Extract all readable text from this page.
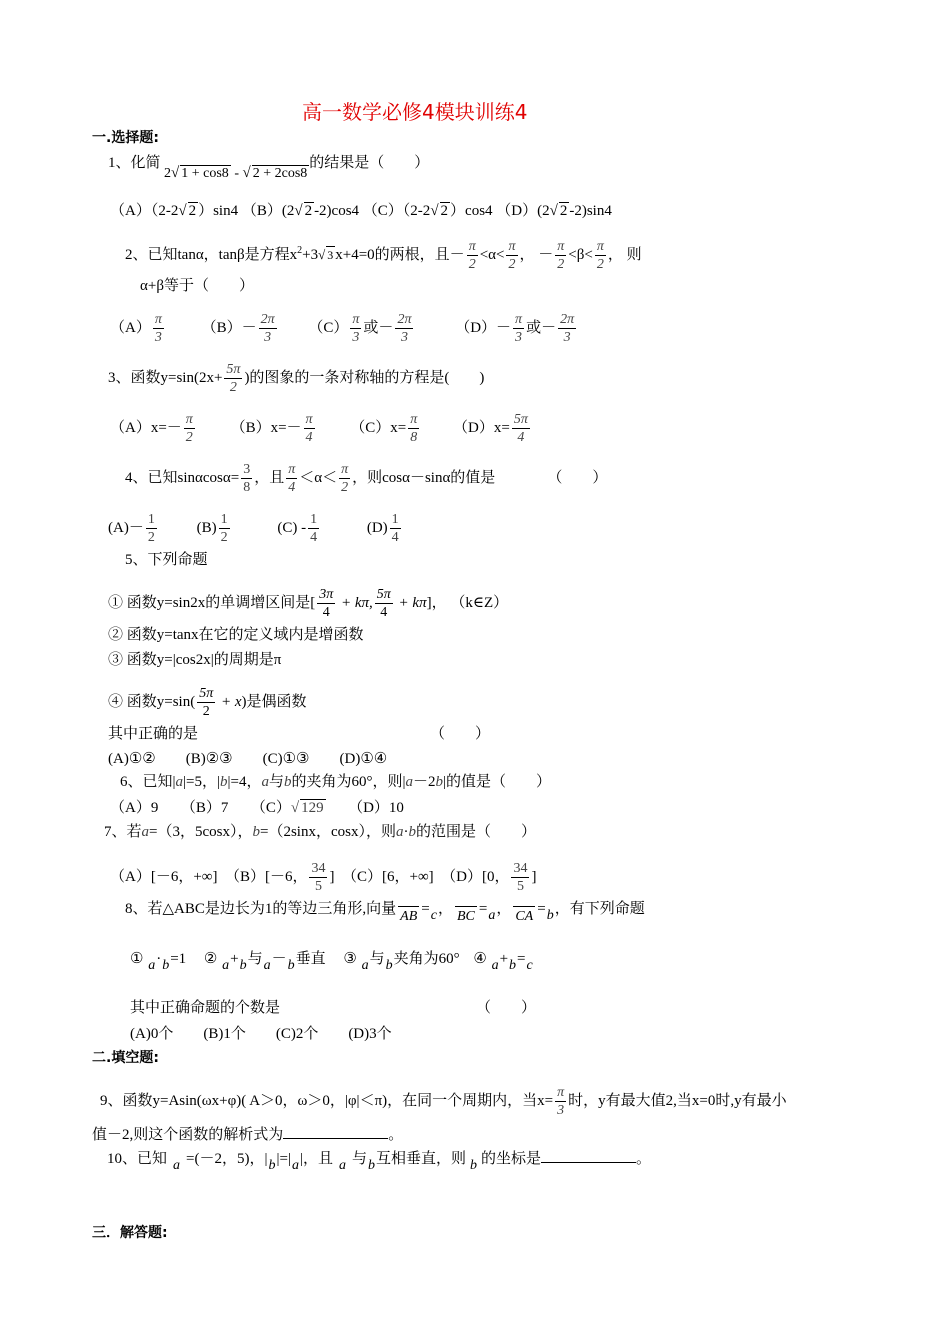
高一数学必修4模块训练4
一.选择题:
1、化简 2√ 1 + cos8 - √ 2 + 2cos8的结果是（　　）
（A）（2-2√ 2 ）sin4 （B）(2√ 2 -2)cos4 （C）（2-2√ 2 ）cos4 （D）(2√ 2 -2)sin4
2、已知tanα，tanβ是方程$x^2+3√$ 3 x+4=0的两根，且－ $\frac{\pi}{2} <\alpha< \frac{\pi}{2}$ ， － $\frac{\pi}{2} <\beta< \frac{\pi}{2}$ ， 则
α+β等于（　　）
$(A) \frac{\pi}{3}$	$(B)- \frac{2\pi}{3} (C) \frac{\pi}{3}$ 或－ $\frac{2\pi}{3}$	$(D)- \frac{\pi}{3}$ 或－ $\frac{2\pi}{3}$
3、函数$y=\sin(2x+ \frac{5\pi}{2}$ )的图象的一条对称轴的方程是(　　)
$(A)x=- \frac{\pi}{2} (B)x=- \frac{\pi}{4} (C)x= \frac{\pi}{8} (D)x= \frac{5\pi}{4}$
4、已知$\sin\alpha\cos\alpha= \frac{3}{8}$ ，且 $\frac{\pi}{4} <\alpha< \frac{\pi}{2}$ ，则cosα－sinα的值是	（　　）
$(A)- \frac{1}{2}$	$(B) \frac{1}{2}$	$(C) - \frac{1}{4}$	$(D) \frac{1}{4}$
5、下列命题
① 函数y=sin2x的单调增区间是[ $\frac{3\pi}{4} + k\pi$, $\frac{5\pi}{4} + k\pi$]， （k∈Z）
② 函数y=tanx在它的定义域内是增函数
③ 函数y=|cos2x|的周期是π
④ 函数$y=\sin( \frac{5\pi}{2} + x)$是偶函数
其中正确的是	（　　）
(A)①②　　(B)②③　　(C)①③　　(D)①④
6、已知|a|=5，|b|=4，a与b的夹角为60°，则|a－2b|的值是（　　）
（A）9　　（B）7　　（C）√ 129　　（D）10
7、若a=（3，5cosx），b=（2sinx，cosx），则a·b的范围是（　　）
（A）[－6，+∞]　（B）[－6， $\frac{34}{5}$ ]　（C）[6，+∞]　（D）[0， $\frac{34}{5}$ ]
8、若△ABC是边长为1的等边三角形,向量 AB =c， BC =a， CA =b，有下列命题
① a·b=1 ② a+b与a－b垂直 ③ a与b夹角为60° ④ a+b=c
其中正确命题的个数是	（　　）
(A)0个　　(B)1个　　(C)2个　　(D)3个
二.填空题:
9、函数y=Asin(ωx+φ)( A＞0，ω＞0，|φ|＜π)，在同一个周期内，当$x= \frac{\pi}{3}$ 时，y有最大值2,当x=0时,y有最小
值－2,则这个函数的解析式为	。
10、已知 a =(－2，5)，|b|=|a|，且 a 与b互相垂直，则 b 的坐标是	。
三．解答题:
